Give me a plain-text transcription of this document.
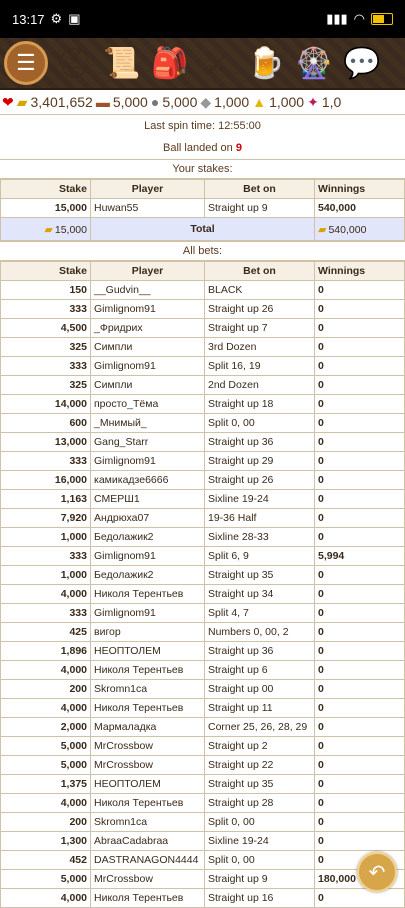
13:17 ⚙ ▣	▮▮▮ ◠
☰ ⛑ 📜 🎒 ⚔ 🍺 🎡 💬
❤ ▰ 3,401,652 ▬ 5,000 ● 5,000 ◆ 1,000 ▲ 1,000 ✦ 1,0
Last spin time: 12:55:00
Ball landed on 9
Your stakes:
Stake	Player	Bet on	Winnings
15,000	Huwan55	Straight up 9	540,000
▰ 15,000	Total		▰ 540,000
All bets:
Stake	Player	Bet on	Winnings
150	__Gudvin__	BLACK	0
333	Gimlignom91	Straight up 26	0
4,500	_Фридрих	Straight up 7	0
325	Симпли	3rd Dozen	0
333	Gimlignom91	Split 16, 19	0
325	Симпли	2nd Dozen	0
14,000	просто_Тёма	Straight up 18	0
600	_Мнимый_	Split 0, 00	0
13,000	Gang_Starr	Straight up 36	0
333	Gimlignom91	Straight up 29	0
16,000	камикадзе6666	Straight up 26	0
1,163	СМЕРШ1	Sixline 19-24	0
7,920	Андрюха07	19-36 Half	0
1,000	Бедолажик2	Sixline 28-33	0
333	Gimlignom91	Split 6, 9	5,994
1,000	Бедолажик2	Straight up 35	0
4,000	Николя Терентьев	Straight up 34	0
333	Gimlignom91	Split 4, 7	0
425	вигор	Numbers 0, 00, 2	0
1,896	НЕОПТОЛЕМ	Straight up 36	0
4,000	Николя Терентьев	Straight up 6	0
200	Skromn1ca	Straight up 00	0
4,000	Николя Терентьев	Straight up 11	0
2,000	Мармаладка	Corner 25, 26, 28, 29	0
5,000	MrCrossbow	Straight up 2	0
5,000	MrCrossbow	Straight up 22	0
1,375	НЕОПТОЛЕМ	Straight up 35	0
4,000	Николя Терентьев	Straight up 28	0
200	Skromn1ca	Split 0, 00	0
1,300	AbraaCadabraa	Sixline 19-24	0
452	DASTRANAGON4444	Split 0, 00	0
5,000	MrCrossbow	Straight up 9	180,000
4,000	Николя Терентьев	Straight up 16	0
↶
